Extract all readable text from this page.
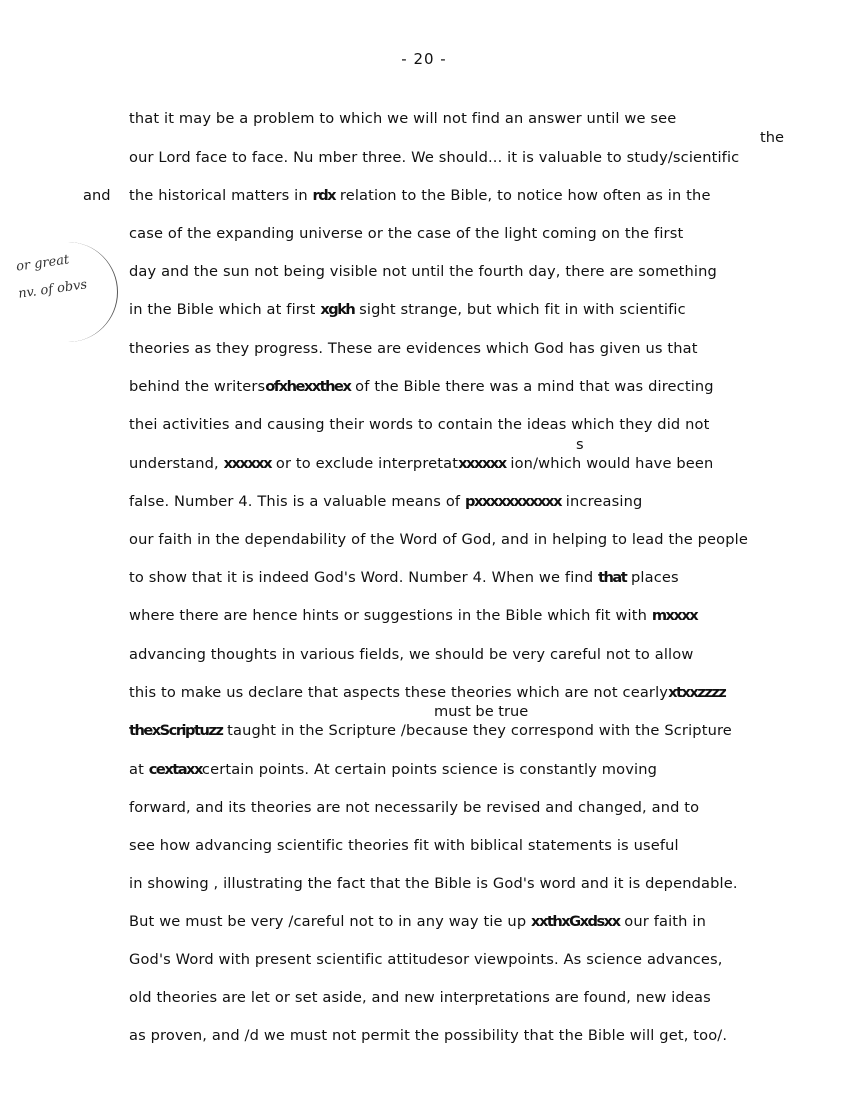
- 20 -
or great
nv. of obvs
the
s
must be true
and
that it may be a problem to which we will not find an answer until we see
our Lord face to face. Nu mber three. We should... it is valuable to study/scientific
the historical matters in rdx relation to the Bible, to notice how often as in the
case of the expanding universe or the case of the light coming on the first
day and the sun not being visible not until the fourth day, there are something
in the Bible which at first xgkh sight strange, but which fit in with scientific
theories as they progress. These are evidences which God has given us that
behind the writersofxhexxthex of the Bible there was a mind that was directing
thei activities and causing their words to contain the ideas which they did not
understand, xxxxxx or to exclude interpretatxxxxxx ion/which would have been
false. Number 4. This is a valuable means of pxxxxxxxxxxx increasing
our faith in the dependability of the Word of God, and in helping to lead the people
to show that it is indeed God's Word. Number 4. When we find that places
where there are hence hints or suggestions in the Bible which fit with mxxxx
advancing thoughts in various fields, we should be very careful not to allow
this to make us declare that aspects these theories which are not cearlyxtxxzzzz
thexScriptuzz taught in the Scripture /because they correspond with the Scripture
at cextaxxcertain points. At certain points science is constantly moving
forward, and its theories are not necessarily be revised and changed, and to
see how advancing scientific theories fit with biblical statements is useful
in showing , illustrating the fact that the Bible is God's word and it is dependable.
But we must be very /careful not to in any way tie up xxthxGxdsxx our faith in
God's Word with present scientific attitudesor viewpoints. As science advances,
old theories are let or set aside, and new interpretations are found, new ideas
as proven, and /d we must not permit the possibility that the Bible will get, too/.
